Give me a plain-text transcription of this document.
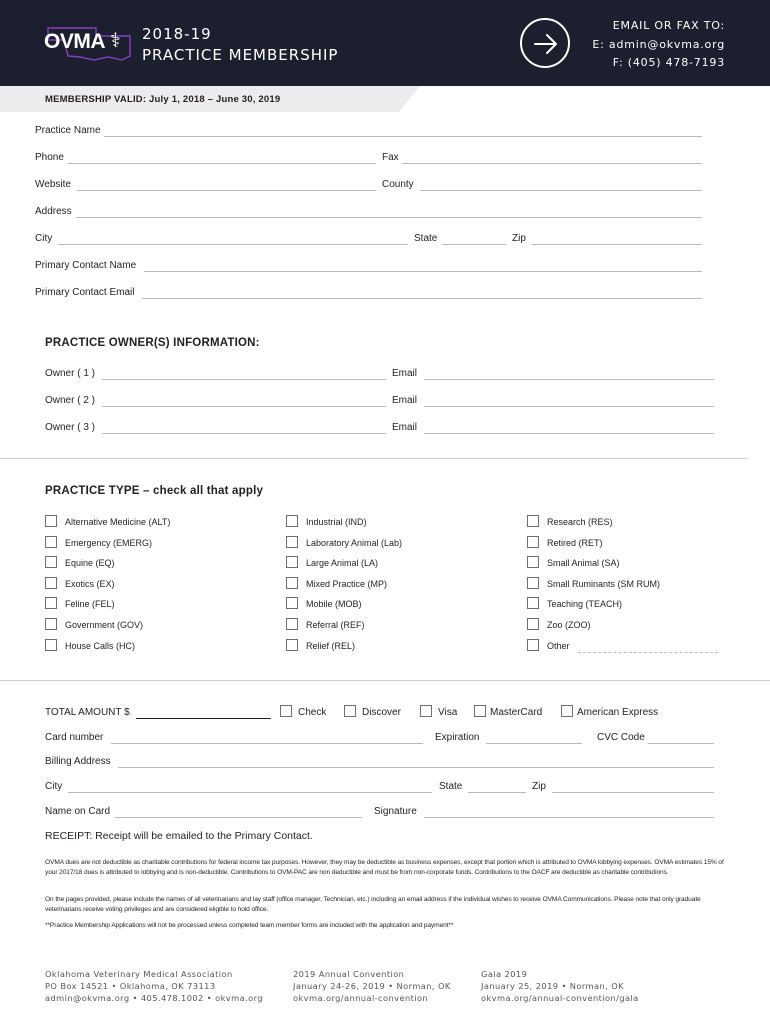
OVMA ⚕ 2018-19
PRACTICE MEMBERSHIP
EMAIL OR FAX TO:
E: admin@okvma.org
F: (405) 478-7193
MEMBERSHIP VALID: July 1, 2018 – June 30, 2019
Practice Name
Phone	Fax
Website	County
Address
City	State	Zip
Primary Contact Name
Primary Contact Email
PRACTICE OWNER(S) INFORMATION:
Owner ( 1 )	Email
Owner ( 2 )	Email
Owner ( 3 )	Email
PRACTICE TYPE – check all that apply
Alternative Medicine (ALT)
Emergency (EMERG)
Equine (EQ)
Exotics (EX)
Feline (FEL)
Government (GOV)
House Calls (HC)
Industrial (IND)
Laboratory Animal (Lab)
Large Animal (LA)
Mixed Practice (MP)
Mobile (MOB)
Referral (REF)
Relief (REL)
Research (RES)
Retired (RET)
Small Animal (SA)
Small Ruminants (SM RUM)
Teaching (TEACH)
Zoo (ZOO)
Other
TOTAL AMOUNT $	Check	Discover	Visa	MasterCard	American Express
Card number	Expiration	CVC Code
Billing Address
City	State	Zip
Name on Card	Signature
RECEIPT: Receipt will be emailed to the Primary Contact.
OVMA dues are not deductible as charitable contributions for federal income tax purposes. However, they may be deductible as business expenses, except that portion which is attributed to OVMA lobbying expenses. OVMA estimates 15% of your 2017/18 dues is attributed to lobbying and is non-deductible. Contributions to OVM-PAC are non deductible and must be from non-corporate funds. Contributions to the OACF are deductible as charitable contributions.
On the pages provided, please include the names of all veterinarians and lay staff (office manager, Technician, etc.) including an email address if the individual wishes to receive OVMA Communications. Please note that only graduate veterinarians receive voting privileges and are considered eligible to hold office.
**Practice Membership Applications will not be processed unless completed team member forms are included with the application and payment**
Oklahoma Veterinary Medical Association
PO Box 14521 • Oklahoma, OK 73113
admin@okvma.org • 405.478.1002 • okvma.org
2019 Annual Convention
January 24-26, 2019 • Norman, OK
okvma.org/annual-convention
Gala 2019
January 25, 2019 • Norman, OK
okvma.org/annual-convention/gala
